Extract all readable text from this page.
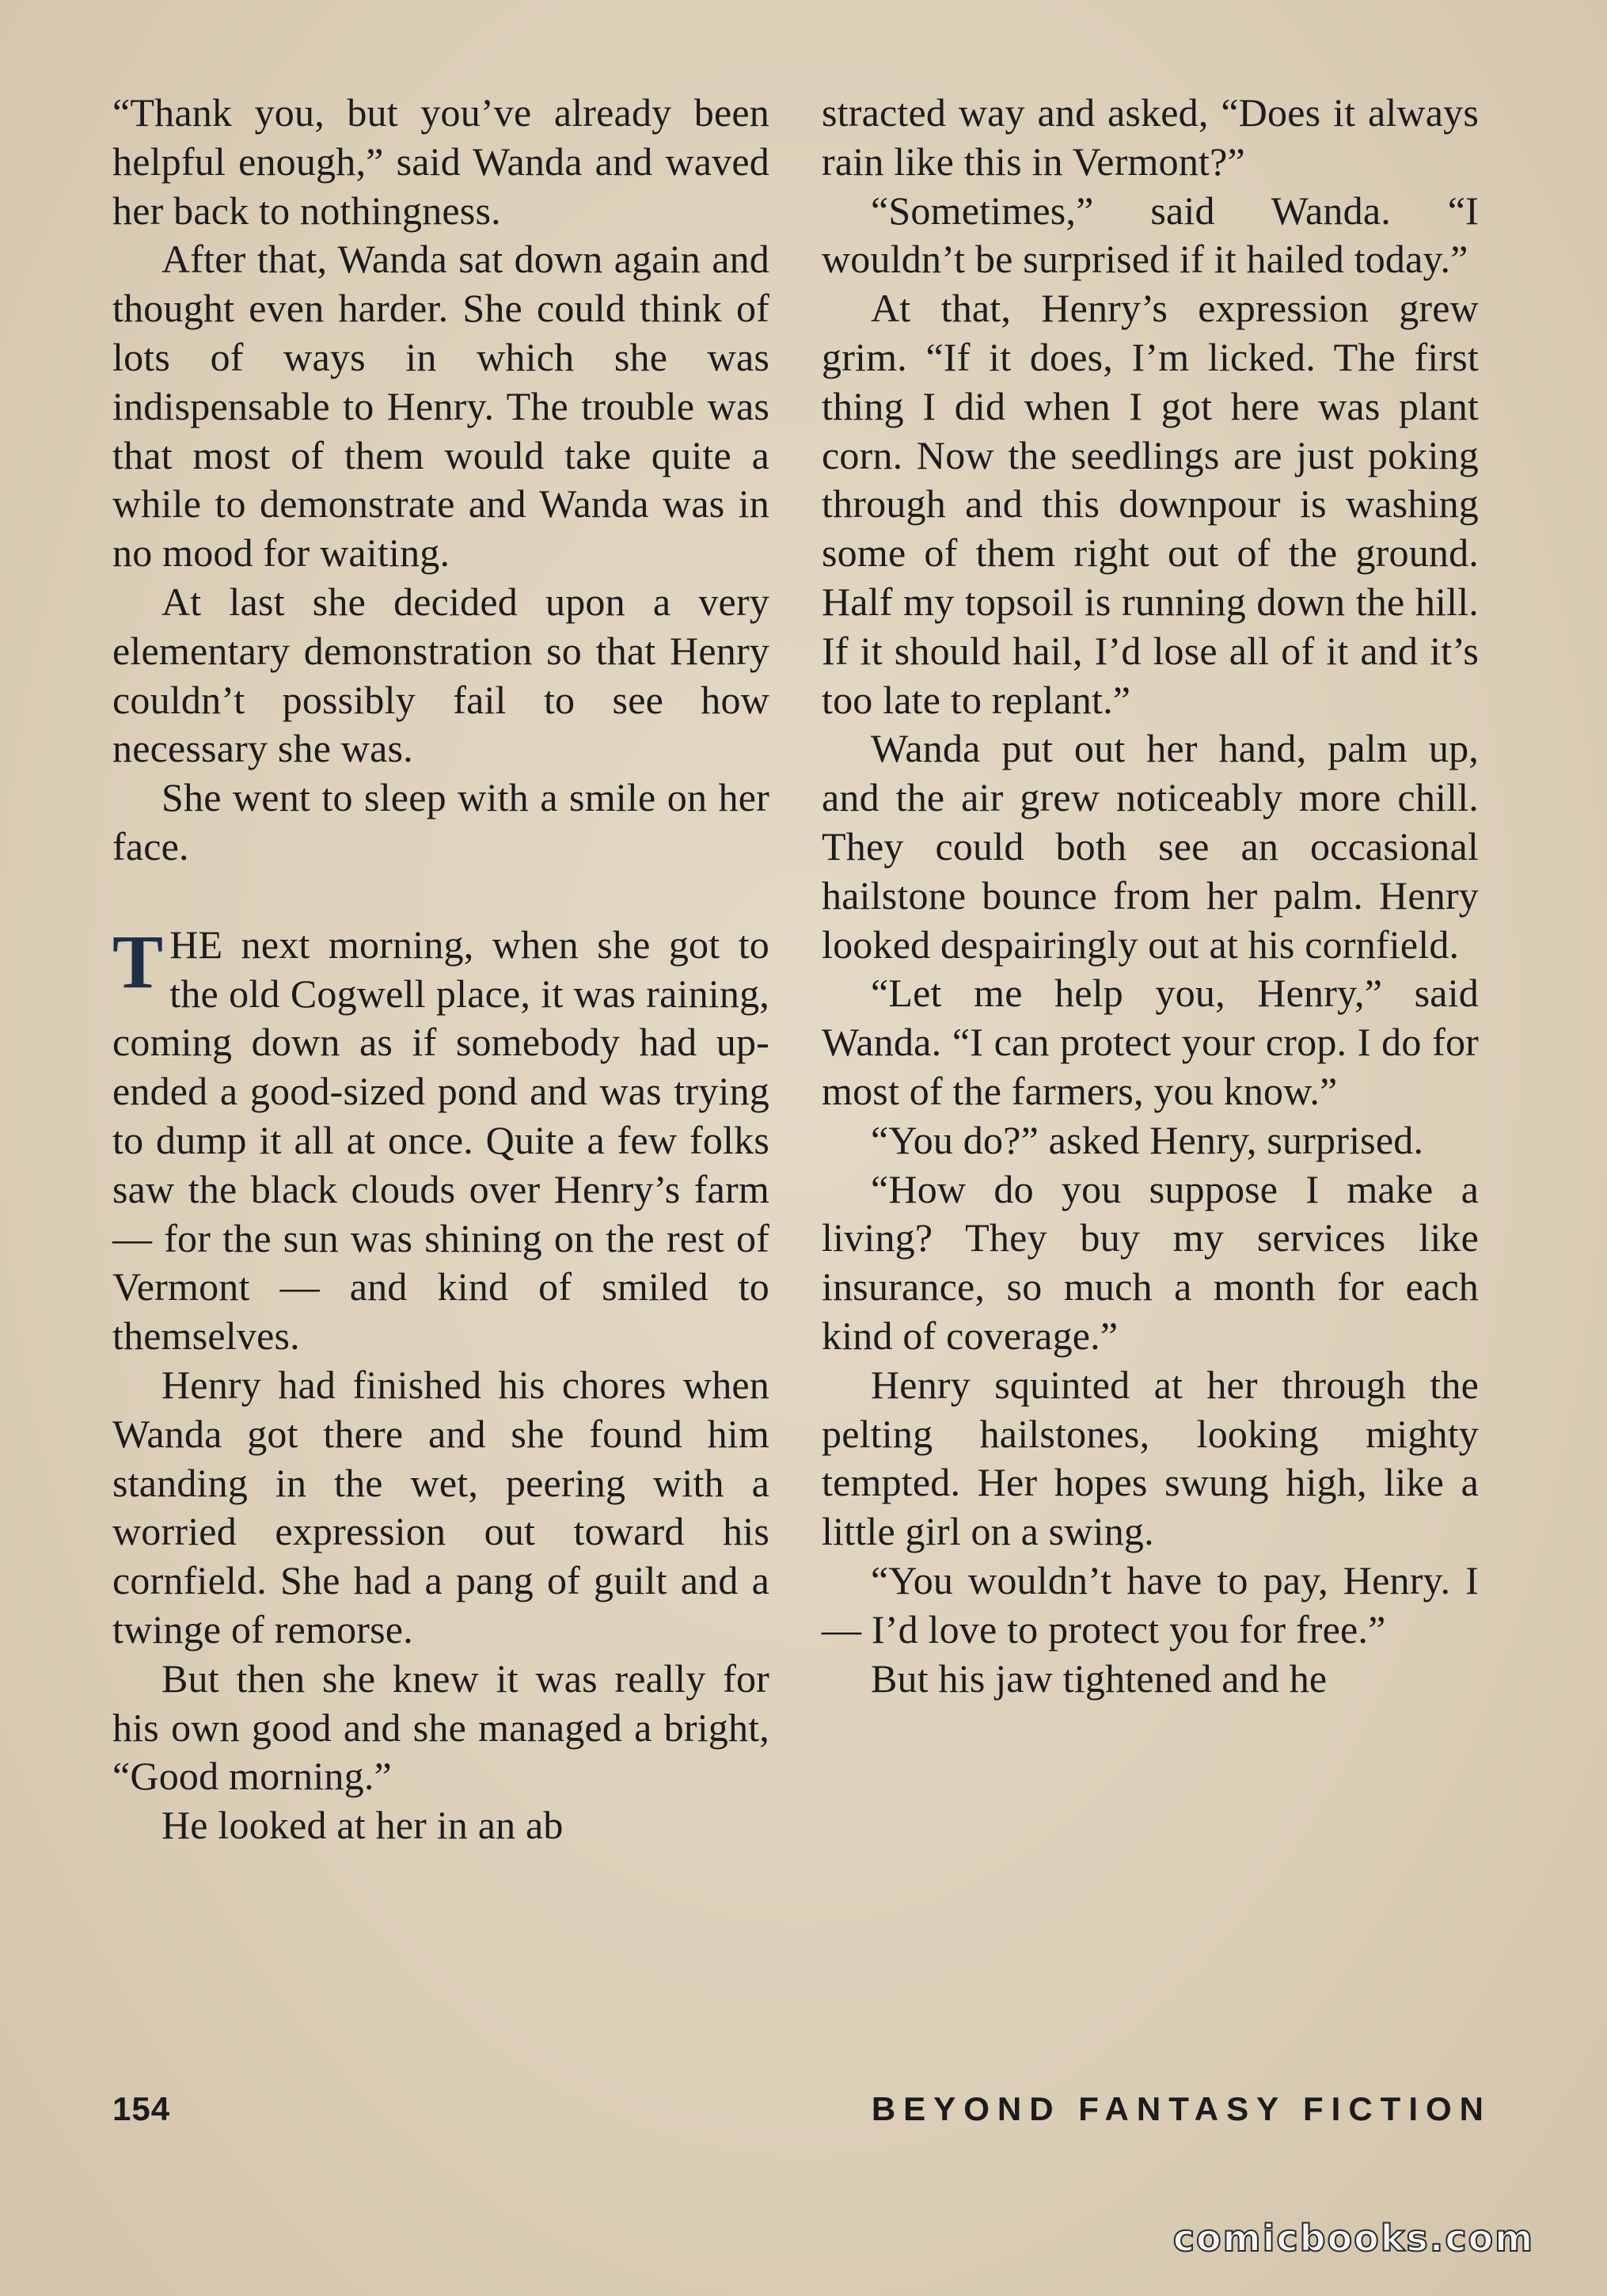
“Thank you, but you’ve already been helpful enough,” said Wanda and waved her back to nothingness.

After that, Wanda sat down again and thought even harder. She could think of lots of ways in which she was indispensable to Henry. The trouble was that most of them would take quite a while to demonstrate and Wanda was in no mood for waiting.

At last she decided upon a very elementary demonstration so that Henry couldn’t possibly fail to see how necessary she was.

She went to sleep with a smile on her face.

THE next morning, when she got to the old Cogwell place, it was raining, coming down as if somebody had up-ended a good-sized pond and was trying to dump it all at once. Quite a few folks saw the black clouds over Henry’s farm — for the sun was shining on the rest of Vermont — and kind of smiled to themselves.

Henry had finished his chores when Wanda got there and she found him standing in the wet, peering with a worried expression out toward his cornfield. She had a pang of guilt and a twinge of remorse.

But then she knew it was really for his own good and she managed a bright, “Good morning.”

He looked at her in an ab

stracted way and asked, “Does it always rain like this in Vermont?”

“Sometimes,” said Wanda. “I wouldn’t be surprised if it hailed today.”

At that, Henry’s expression grew grim. “If it does, I’m licked. The first thing I did when I got here was plant corn. Now the seedlings are just poking through and this downpour is washing some of them right out of the ground. Half my topsoil is running down the hill. If it should hail, I’d lose all of it and it’s too late to replant.”

Wanda put out her hand, palm up, and the air grew noticeably more chill. They could both see an occasional hailstone bounce from her palm. Henry looked despairingly out at his cornfield.

“Let me help you, Henry,” said Wanda. “I can protect your crop. I do for most of the farmers, you know.”

“You do?” asked Henry, surprised.

“How do you suppose I make a living? They buy my services like insurance, so much a month for each kind of coverage.”

Henry squinted at her through the pelting hailstones, looking mighty tempted. Her hopes swung high, like a little girl on a swing.

“You wouldn’t have to pay, Henry. I — I’d love to protect you for free.”

But his jaw tightened and he

154	BEYOND FANTASY FICTION
comicbooks.com
